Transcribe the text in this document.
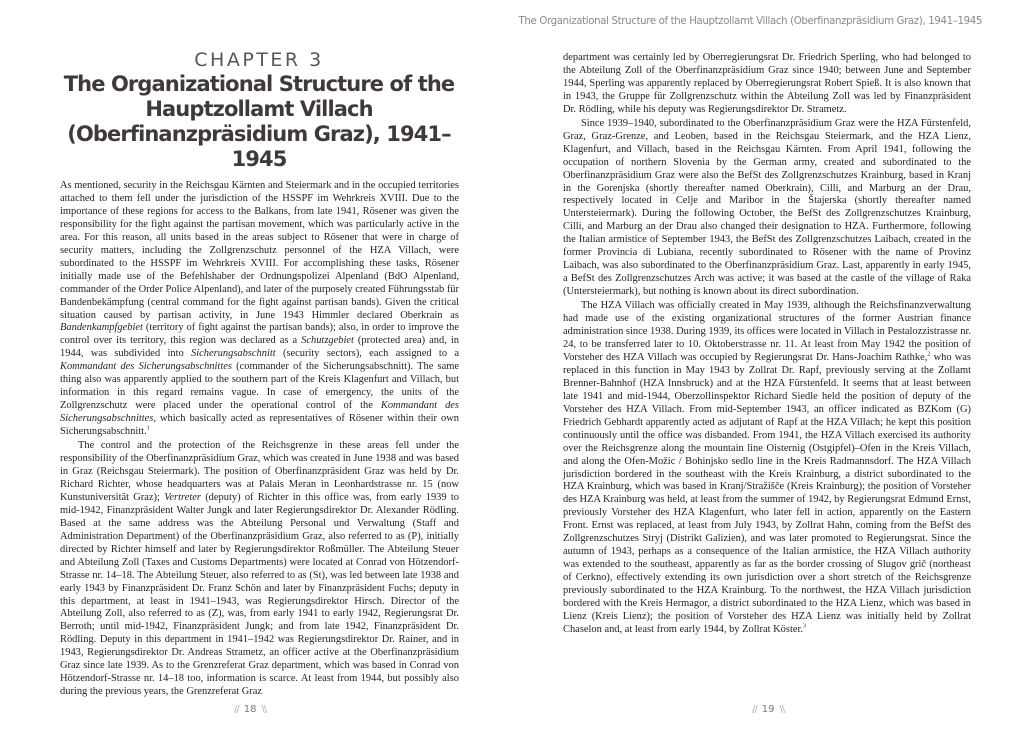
CHAPTER 3
The Organizational Structure of the Hauptzollamt Villach (Oberfinanzpräsidium Graz), 1941–1945

As mentioned, security in the Reichsgau Kärnten and Steiermark and in the occupied territories attached to them fell under the jurisdiction of the HSSPF im Wehrkreis XVIII. Due to the importance of these regions for access to the Balkans, from late 1941, Rösener was given the responsibility for the fight against the partisan movement, which was particularly active in the area. For this reason, all units based in the areas subject to Rösener that were in charge of security matters, including the Zollgrenzschutz personnel of the HZA Villach, were subordinated to the HSSPF im Wehrkreis XVIII. For accomplishing these tasks, Rösener initially made use of the Befehlshaber der Ordnungspolizei Alpenland (BdO Alpenland, commander of the Order Police Alpenland), and later of the purposely created Führungsstab für Bandenbekämpfung (central command for the fight against partisan bands). Given the critical situation caused by partisan activity, in June 1943 Himmler declared Oberkrain as Bandenkampfgebiet (territory of fight against the partisan bands); also, in order to improve the control over its territory, this region was declared as a Schutzgebiet (protected area) and, in 1944, was subdivided into Sicherungsabschnitt (security sectors), each assigned to a Kommandant des Sicherungsabschnittes (commander of the Sicherungsabschnitt). The same thing also was apparently applied to the southern part of the Kreis Klagenfurt and Villach, but information in this regard remains vague. In case of emergency, the units of the Zollgrenzschutz were placed under the operational control of the Kommandant des Sicherungsabschnittes, which basically acted as representatives of Rösener within their own Sicherungsabschnitt.$^1$

The control and the protection of the Reichsgrenze in these areas fell under the responsibility of the Oberfinanzpräsidium Graz, which was created in June 1938 and was based in Graz (Reichsgau Steiermark). The position of Oberfinanzpräsident Graz was held by Dr. Richard Richter, whose headquarters was at Palais Meran in Leonhardstrasse nr. 15 (now Kunstuniversität Graz); Vertreter (deputy) of Richter in this office was, from early 1939 to mid-1942, Finanzpräsident Walter Jungk and later Regierungsdirektor Dr. Alexander Rödling. Based at the same address was the Abteilung Personal und Verwaltung (Staff and Administration Department) of the Oberfinanzpräsidium Graz, also referred to as (P), initially directed by Richter himself and later by Regierungsdirektor Roßmüller. The Abteilung Steuer and Abteilung Zoll (Taxes and Customs Departments) were located at Conrad von Hötzendorf-Strasse nr. 14–18. The Abteilung Steuer, also referred to as (St), was led between late 1938 and early 1943 by Finanzpräsident Dr. Franz Schön and later by Finanzpräsident Fuchs; deputy in this department, at least in 1941–1943, was Regierungsdirektor Hirsch. Director of the Abteilung Zoll, also referred to as (Z), was, from early 1941 to early 1942, Regierungsrat Dr. Berroth; until mid-1942, Finanzpräsident Jungk; and from late 1942, Finanzpräsident Dr. Rödling. Deputy in this department in 1941–1942 was Regierungsdirektor Dr. Rainer, and in 1943, Regierungsdirektor Dr. Andreas Strametz, an officer active at the Oberfinanzpräsidium Graz since late 1939. As to the Grenzreferat Graz department, which was based in Conrad von Hötzendorf-Strasse nr. 14–18 too, information is scarce. At least from 1944, but possibly also during the previous years, the Grenzreferat Graz

// 18 \\
The Organizational Structure of the Hauptzollamt Villach (Oberfinanzpräsidium Graz), 1941–1945

department was certainly led by Oberregierungsrat Dr. Friedrich Sperling, who had belonged to the Abteilung Zoll of the Oberfinanzpräsidium Graz since 1940; between June and September 1944, Sperling was apparently replaced by Oberregierungsrat Robert Spieß. It is also known that in 1943, the Gruppe für Zollgrenzschutz within the Abteilung Zoll was led by Finanzpräsident Dr. Rödling, while his deputy was Regierungsdirektor Dr. Strametz.

Since 1939–1940, subordinated to the Oberfinanzpräsidium Graz were the HZA Fürstenfeld, Graz, Graz-Grenze, and Leoben, based in the Reichsgau Steiermark, and the HZA Lienz, Klagenfurt, and Villach, based in the Reichsgau Kärnten. From April 1941, following the occupation of northern Slovenia by the German army, created and subordinated to the Oberfinanzpräsidium Graz were also the BefSt des Zollgrenzschutzes Krainburg, based in Kranj in the Gorenjska (shortly thereafter named Oberkrain), Cilli, and Marburg an der Drau, respectively located in Celje and Maribor in the Štajerska (shortly thereafter named Untersteiermark). During the following October, the BefSt des Zollgrenzschutzes Krainburg, Cilli, and Marburg an der Drau also changed their designation to HZA. Furthermore, following the Italian armistice of September 1943, the BefSt des Zollgrenzschutzes Laibach, created in the former Provincia di Lubiana, recently subordinated to Rösener with the name of Provinz Laibach, was also subordinated to the Oberfinanzpräsidium Graz. Last, apparently in early 1945, a BefSt des Zollgrenzschutzes Arch was active; it was based at the castle of the village of Raka (Untersteiermark), but nothing is known about its direct subordination.

The HZA Villach was officially created in May 1939, although the Reichsfinanzverwaltung had made use of the existing organizational structures of the former Austrian finance administration since 1938. During 1939, its offices were located in Villach in Pestalozzistrasse nr. 24, to be transferred later to 10. Oktoberstrasse nr. 11. At least from May 1942 the position of Vorsteher des HZA Villach was occupied by Regierungsrat Dr. Hans-Joachim Rathke,$^2$ who was replaced in this function in May 1943 by Zollrat Dr. Rapf, previously serving at the Zollamt Brenner-Bahnhof (HZA Innsbruck) and at the HZA Fürstenfeld. It seems that at least between late 1941 and mid-1944, Oberzollinspektor Richard Siedle held the position of deputy of the Vorsteher des HZA Villach. From mid-September 1943, an officer indicated as BZKom (G) Friedrich Gebhardt apparently acted as adjutant of Rapf at the HZA Villach; he kept this position continuously until the office was disbanded. From 1941, the HZA Villach exercised its authority over the Reichsgrenze along the mountain line Oisternig (Ostgipfel)–Ofen in the Kreis Villach, and along the Ofen-Možic / Bohinjsko sedlo line in the Kreis Radmannsdorf. The HZA Villach jurisdiction bordered in the southeast with the Kreis Krainburg, a district subordinated to the HZA Krainburg, which was based in Kranj/Stražišče (Kreis Krainburg); the position of Vorsteher des HZA Krainburg was held, at least from the summer of 1942, by Regierungsrat Edmund Ernst, previously Vorsteher des HZA Klagenfurt, who later fell in action, apparently on the Eastern Front. Ernst was replaced, at least from July 1943, by Zollrat Hahn, coming from the BefSt des Zollgrenzschutzes Stryj (Distrikt Galizien), and was later promoted to Regierungsrat. Since the autumn of 1943, perhaps as a consequence of the Italian armistice, the HZA Villach authority was extended to the southeast, apparently as far as the border crossing of Slugov grič (northeast of Cerkno), effectively extending its own jurisdiction over a short stretch of the Reichsgrenze previously subordinated to the HZA Krainburg. To the northwest, the HZA Villach jurisdiction bordered with the Kreis Hermagor, a district subordinated to the HZA Lienz, which was based in Lienz (Kreis Lienz); the position of Vorsteher des HZA Lienz was initially held by Zollrat Chaselon and, at least from early 1944, by Zollrat Köster.$^3$

// 19 \\
